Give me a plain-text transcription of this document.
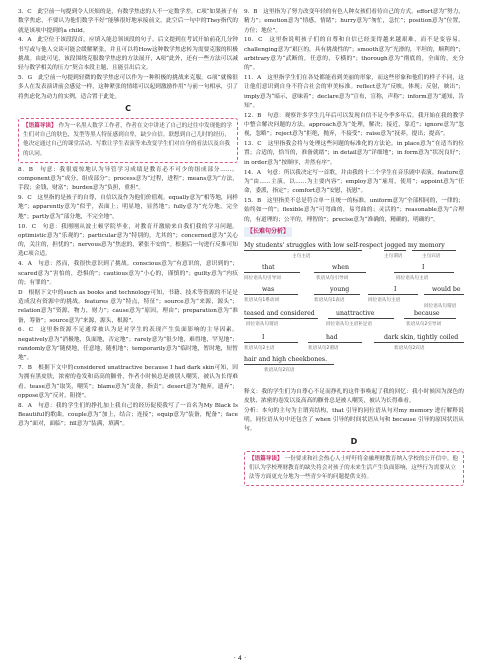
3．C　此空前一句提到令人厌烦的是，有数学焦虑的人不一定数学差。C项“如果孩子有数学焦虑，不要认为他们数学不好”能够很好地承接前文。此空后一句中的They指代的就是该项中提到的a child。

4．A　此空位于该段段首，应填入能总领该段的句子。后文提到在考试开始前花几分钟书写或与他人交谈可能会缓解紧张，并且可以将How这种数学焦虑转为需要克服的积极挑战。由此可见，该段围绕克服数学焦虑的方法展开，A项“此外，还有一些方法可以减轻与数学相关的压力”契合本段主题，且能引出后文。

5．G　此空前一句提到轻微的数学焦虑可以作为一种积极的挑战来克服。G项“就像很多人在发表演讲前会感觉一样，这种紧张的情绪可以起到激励作用”与前一句相承，引了将焦虑化为动力的实例，适合置于此处。

C
【语篇导读】 作为一名黑人数学工作者，作者在文中讲述了自己的过往中发现他的学生们对自己的肤色，发型等黑人特征感到自卑，缺少自信。联想到自己儿时的经历，他决定通过自己的课堂活动、写歌让学生表演等来改变学生们对自身的看法以及自我的认同。

8．B　句意：我很震惊地认为导管学习成绩是教育必不可少的组成部分……。component意为“成分，组成部分”；process意为“过程，进程”；means意为“方法，手段；金钱，财富”；burden意为“负担，重担”。

9．C　这里指的是孩子的自尊，自信以及作为他们价值观。equally意为“相等地，同样地”；apparently意为“似乎，表面上；明显地，显然地”；fully意为“充分地，完全地”；partly意为“部分地，不完全地”。

10．C　句意：我刚刚从波士顿学院毕业，对教育开激励来自我们我的学习问题。optimistic意为“乐观的”；particular意为“特别的，尤其的”；concerned意为“关心的，关注的，担忧的”；nervous意为“焦虑的，紧张不安的”。根据后一句进行反推可知选C项合适。

4．A　句意：然而，我很快意识到了挑战。conscious意为“有意识的，意识到的”；scared意为“害怕的，恐惧的”；cautious意为“小心的，谨慎的”；guilty意为“内疚的；有罪的”。

D　根据下文中的such as books and technology可知，书籍、技术等资源的不足是造成没有资源中的挑战。features 意为“特点，特征”；source意为“来源，源头”；relation意为“资源，物力，财力”；cause意为“原因，理由”；preparation意为“准备，筹备”；source意为“来源，源头，根源”。

6．C　这里指资源不足通常被认为是对学生的表现产生负面影响的主导因素。negatively意为“消极地，负面地，否定地”；rarely意为“很少地，难得地，罕见地”；randomly意为“随便地，任意地，随机地”；temporarily意为“临时地，暂时地，短暂地”。

7．B　根据下文中的considered unattractive because I had dark skin可知，因为拥有黑皮肤，浓密的卷发和高高的颧骨，作者小时候总是被别人嘲笑，被认为长得难看。tease意为“取笑，嘲笑”；blame意为“责备，指责”；desert意为“抛弃，遗弃”；oppose意为“反对，阻挠”。

8．A　句意：我的学生们的挣扎加上我自己的经历促使我写了一首名为My Black Is Beautiful的歌曲。couple意为“加上，结合；连接”；equip意为“装备，配备”；face意为“面对，面临”；fill意为“装满，填满”。

9．B　这里指为了努力改变年轻的有色人种女孩们看待自己的方式。effort意为“努力，精力”；emotion意为“情感，情绪”；hurry意为“匆忙，急忙”；position意为“位置，方位；地位”。

10．C　这里指说明孩子们的自尊和自信已经变得越来越艰难，而不是变容易。challenging意为“艰巨的，具有挑战性的”；smooth意为“光滑的，平坦的，顺利的”；arbitrary意为“武断的，任意的，专横的”；thorough意为“彻底的，全面的，充分的”。

11．A　这里指学生们在各处都能看到美丽的形象，而这些形象和他们的样子不同，这让他们意识到自身不符合社会的审美标准。reflect意为“反映，体现；反射，映出”；imply意为“暗示，意味着”；declare意为“宣布，宣称，声称”；inform意为“通知，告知”。

12．B　句意：观察许多学生几年后可以发现自信不足今季多年后，我开始在我的教学中整合解决问题的方法。approach意为“处理，解决；接近，靠近”；ignore意为“忽视，忽略”；reject意为“拒绝，抛弃，不接受”；raise意为“抚养，提出；提高”。

13．C　这里指我会将与处理这些问题的标准化的方法论。in place意为“在适当的位置；合适的，恰当的，准备就绪”；in detail意为“详细地”；in form意为“状况良好”；in order意为“按顺序，井然有序”。

14．A　句意：所以我决定写一首歌，并由我的十二个学生在音乐剧中表演。feature意为“由……主演，以……为主要内容”；employ意为“雇用，使用”；appoint意为“任命，委派，指定”；comfort意为“安慰，抚慰”。

15．B　这里指美不总是符合单一且统一的标准。uniform意为“全部相同的，一律的；始终如一的”；flexible意为“可弯曲的，易弯曲的；灵活的”；reasonable意为“合理的，有道理的；公平的，理智的”；precise意为“准确的，精确的，明确的”。

【长难句分析】
My students' struggles with low self-respect jogged my memory
主句主语	主句谓语	主句宾语
that	when	I
同位语从句引导词	状语从句引导词	同位语从句主语
was	young	I	would be
状语从句1系动词	状语从句1表语	同位语从句主语
同位语从句谓语
teased and considered	unattractive	because
同位语从句谓语	同位语从句主语补足语	状语从句2引导词
I	had	dark skin, tightly coiled
状语从句2主语	状语从句2谓语	状语从句2宾语
hair and high cheekbones.
状语从句2宾语

释义：我的学生们为自尊心不足而挣扎的这件事唤起了我的回忆：我小时候因为深色的皮肤、浓密的卷发以及高高的颧骨总是被人嘲笑，被认为长得难看。

分析：本句的主句为主谓宾结构，that 引导的同位语从句对my memory 进行解释说明。同位语从句中还包含了 when 引导的时间状语从句和 because 引导的原因状语从句。

D
【语篇导读】 一份要求和社会热心人士呼吁将金融理财教育纳入学校的公开信中。他们认为学校理财教育的缺失将会对孩子的未来生活产生负面影响，这些行为需要从立法等方面更充分地为一些青少年的问题提供支持。
· 4 ·
